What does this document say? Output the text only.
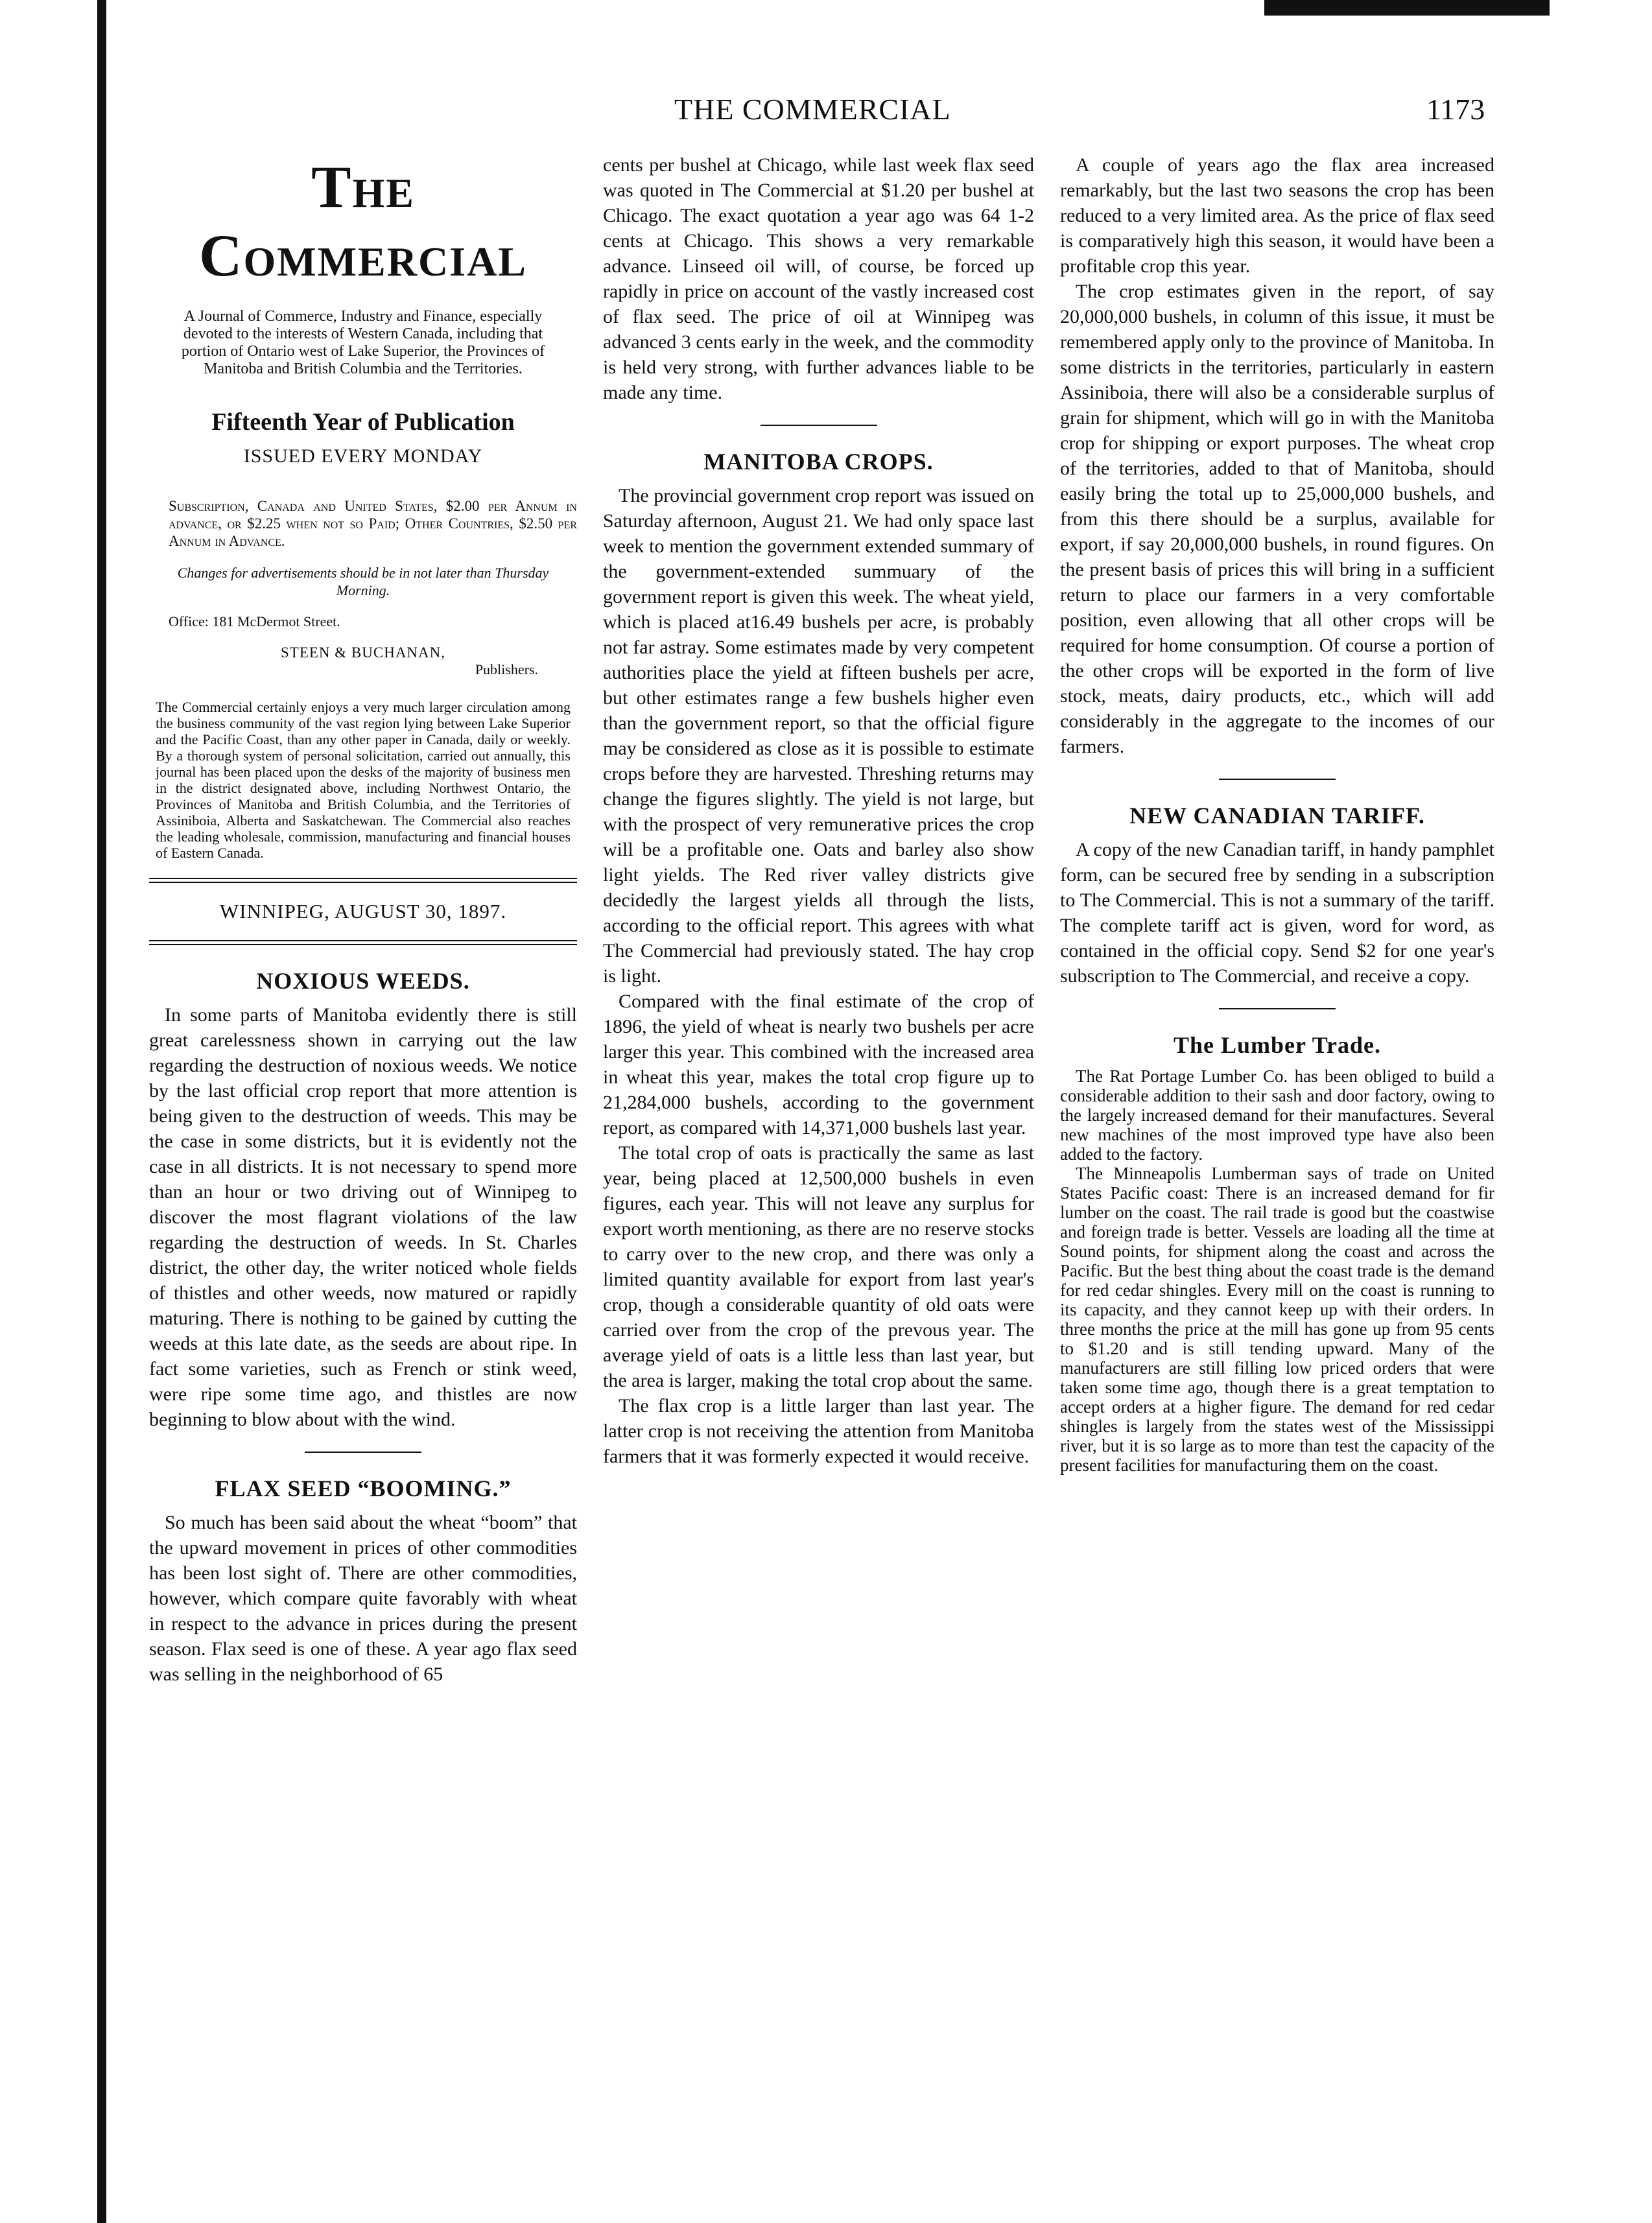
THE COMMERCIAL	1173
The Commercial

A Journal of Commerce, Industry and Finance, especially devoted to the interests of Western Canada, including that portion of Ontario west of Lake Superior, the Provinces of Manitoba and British Columbia and the Territories.

Fifteenth Year of Publication
ISSUED EVERY MONDAY

Subscription, Canada and United States, $2.00 per Annum in advance, or $2.25 when not so Paid; Other Countries, $2.50 per Annum in Advance.

Changes for advertisements should be in not later than Thursday Morning.

Office: 181 McDermot Street.

STEEN & BUCHANAN,

Publishers.

The Commercial certainly enjoys a very much larger circulation among the business community of the vast region lying between Lake Superior and the Pacific Coast, than any other paper in Canada, daily or weekly. By a thorough system of personal solicitation, carried out annually, this journal has been placed upon the desks of the majority of business men in the district designated above, including Northwest Ontario, the Provinces of Manitoba and British Columbia, and the Territories of Assiniboia, Alberta and Saskatchewan. The Commercial also reaches the leading wholesale, commission, manufacturing and financial houses of Eastern Canada.

WINNIPEG, AUGUST 30, 1897.
NOXIOUS WEEDS.

In some parts of Manitoba evidently there is still great carelessness shown in carrying out the law regarding the destruction of noxious weeds. We notice by the last official crop report that more attention is being given to the destruction of weeds. This may be the case in some districts, but it is evidently not the case in all districts. It is not necessary to spend more than an hour or two driving out of Winnipeg to discover the most flagrant violations of the law regarding the destruction of weeds. In St. Charles district, the other day, the writer noticed whole fields of thistles and other weeds, now matured or rapidly maturing. There is nothing to be gained by cutting the weeds at this late date, as the seeds are about ripe. In fact some varieties, such as French or stink weed, were ripe some time ago, and thistles are now beginning to blow about with the wind.

FLAX SEED “BOOMING.”

So much has been said about the wheat “boom” that the upward movement in prices of other commodities has been lost sight of. There are other commodities, however, which compare quite favorably with wheat in respect to the advance in prices during the present season. Flax seed is one of these. A year ago flax seed was selling in the neighborhood of 65

cents per bushel at Chicago, while last week flax seed was quoted in The Commercial at $1.20 per bushel at Chicago. The exact quotation a year ago was 64 1-2 cents at Chicago. This shows a very remarkable advance. Linseed oil will, of course, be forced up rapidly in price on account of the vastly increased cost of flax seed. The price of oil at Winnipeg was advanced 3 cents early in the week, and the commodity is held very strong, with further advances liable to be made any time.

MANITOBA CROPS.

The provincial government crop report was issued on Saturday afternoon, August 21. We had only space last week to mention the government extended summary of the government-extended summuary of the government report is given this week. The wheat yield, which is placed at16.49 bushels per acre, is probably not far astray. Some estimates made by very competent authorities place the yield at fifteen bushels per acre, but other estimates range a few bushels higher even than the government report, so that the official figure may be considered as close as it is possible to estimate crops before they are harvested. Threshing returns may change the figures slightly. The yield is not large, but with the prospect of very remunerative prices the crop will be a profitable one. Oats and barley also show light yields. The Red river valley districts give decidedly the largest yields all through the lists, according to the official report. This agrees with what The Commercial had previously stated. The hay crop is light.

Compared with the final estimate of the crop of 1896, the yield of wheat is nearly two bushels per acre larger this year. This combined with the increased area in wheat this year, makes the total crop figure up to 21,284,000 bushels, according to the government report, as compared with 14,371,000 bushels last year.

The total crop of oats is practically the same as last year, being placed at 12,500,000 bushels in even figures, each year. This will not leave any surplus for export worth mentioning, as there are no reserve stocks to carry over to the new crop, and there was only a limited quantity available for export from last year's crop, though a considerable quantity of old oats were carried over from the crop of the prevous year. The average yield of oats is a little less than last year, but the area is larger, making the total crop about the same.

The flax crop is a little larger than last year. The latter crop is not receiving the attention from Manitoba farmers that it was formerly expected it would receive.

A couple of years ago the flax area increased remarkably, but the last two seasons the crop has been reduced to a very limited area. As the price of flax seed is comparatively high this season, it would have been a profitable crop this year.

The crop estimates given in the report, of say 20,000,000 bushels, in column of this issue, it must be remembered apply only to the province of Manitoba. In some districts in the territories, particularly in eastern Assiniboia, there will also be a considerable surplus of grain for shipment, which will go in with the Manitoba crop for shipping or export purposes. The wheat crop of the territories, added to that of Manitoba, should easily bring the total up to 25,000,000 bushels, and from this there should be a surplus, available for export, if say 20,000,000 bushels, in round figures. On the present basis of prices this will bring in a sufficient return to place our farmers in a very comfortable position, even allowing that all other crops will be required for home consumption. Of course a portion of the other crops will be exported in the form of live stock, meats, dairy products, etc., which will add considerably in the aggregate to the incomes of our farmers.

NEW CANADIAN TARIFF.

A copy of the new Canadian tariff, in handy pamphlet form, can be secured free by sending in a subscription to The Commercial. This is not a summary of the tariff. The complete tariff act is given, word for word, as contained in the official copy. Send $2 for one year's subscription to The Commercial, and receive a copy.

The Lumber Trade.

The Rat Portage Lumber Co. has been obliged to build a considerable addition to their sash and door factory, owing to the largely increased demand for their manufactures. Several new machines of the most improved type have also been added to the factory.

The Minneapolis Lumberman says of trade on United States Pacific coast: There is an increased demand for fir lumber on the coast. The rail trade is good but the coastwise and foreign trade is better. Vessels are loading all the time at Sound points, for shipment along the coast and across the Pacific. But the best thing about the coast trade is the demand for red cedar shingles. Every mill on the coast is running to its capacity, and they cannot keep up with their orders. In three months the price at the mill has gone up from 95 cents to $1.20 and is still tending upward. Many of the manufacturers are still filling low priced orders that were taken some time ago, though there is a great temptation to accept orders at a higher figure. The demand for red cedar shingles is largely from the states west of the Mississippi river, but it is so large as to more than test the capacity of the present facilities for manufacturing them on the coast.
